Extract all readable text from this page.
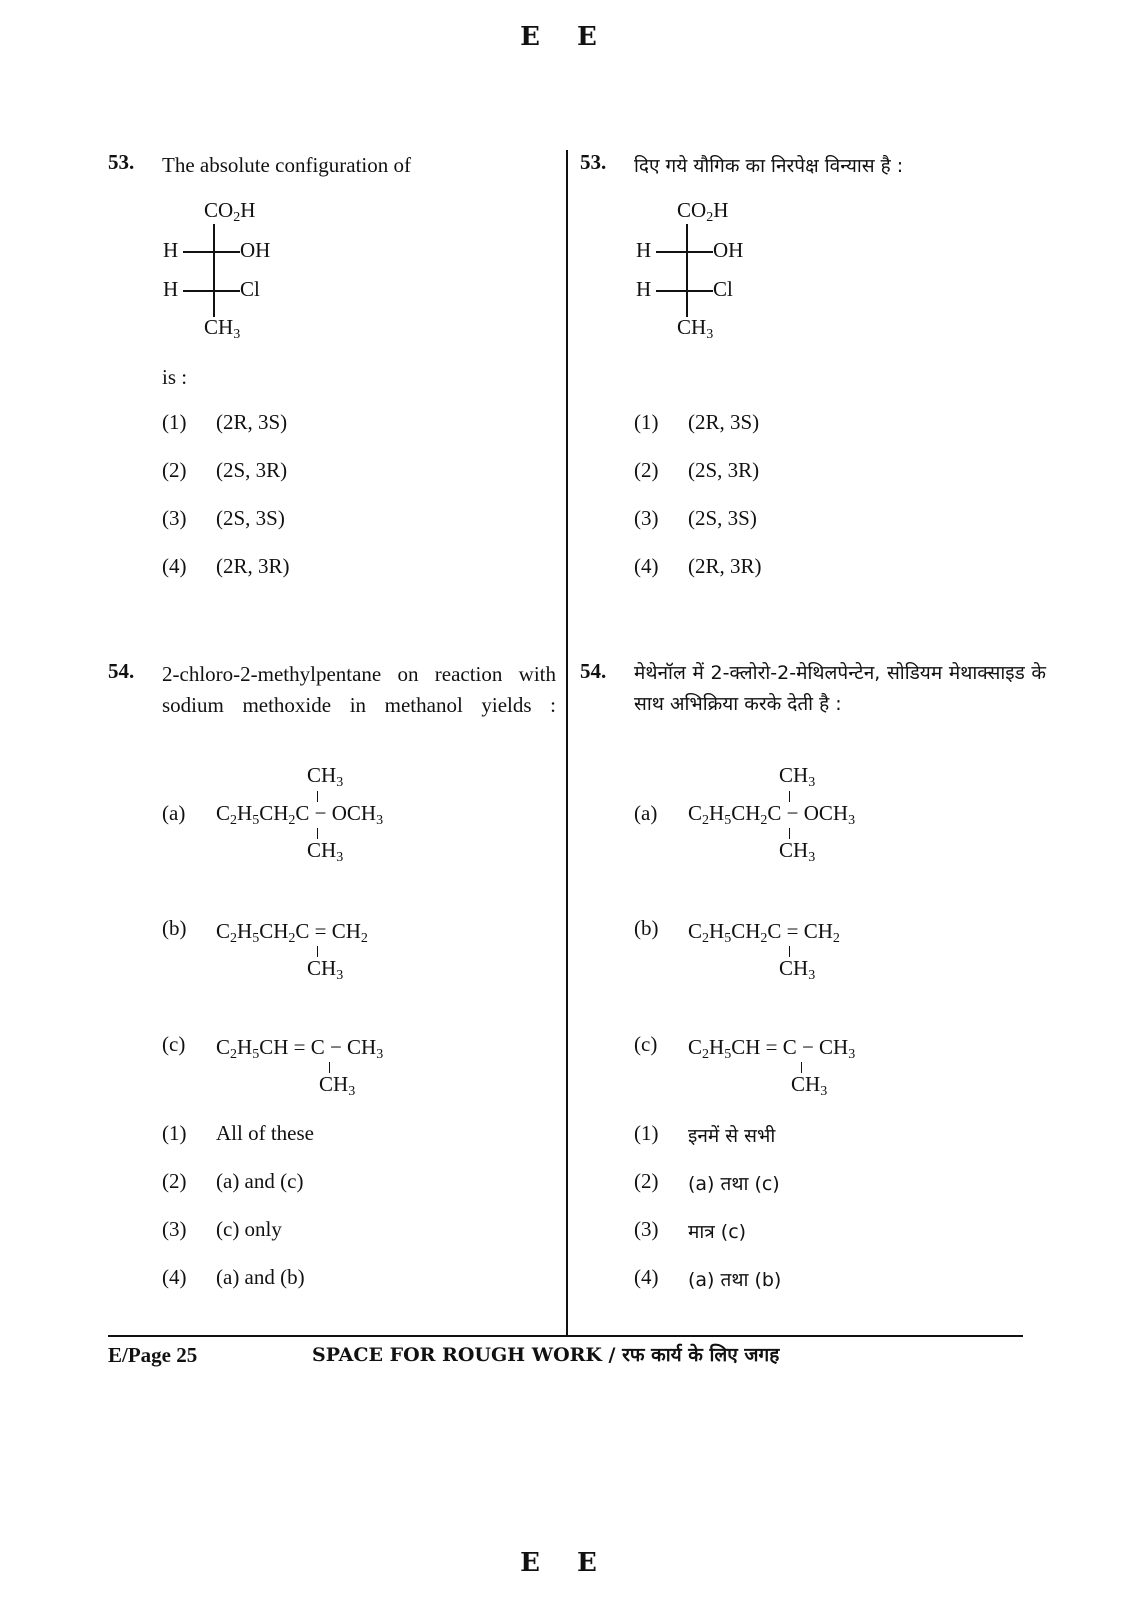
E E
53. The absolute configuration of
$CO_2H$
H	OH
H	Cl
$CH_3$
is :
(1) (2R, 3S)
(2) (2S, 3R)
(3) (2S, 3S)
(4) (2R, 3R)
54. 2-chloro-2-methylpentane on reaction with sodium methoxide in methanol yields :
(a)
$CH_3$
$C_2H_5CH_2C - OCH_3$
$CH_3$
(b) $C_2H_5CH_2C = CH_2$
$CH_3$
(c) $C_2H_5CH = C - CH_3$
$CH_3$
(1) All of these
(2) (a) and (c)
(3) (c) only
(4) (a) and (b)
53. दिए गये यौगिक का निरपेक्ष विन्यास है :
$CO_2H$
H	OH
H	Cl
$CH_3$
(1) (2R, 3S)
(2) (2S, 3R)
(3) (2S, 3S)
(4) (2R, 3R)
54. मेथेनॉल में 2-क्लोरो-2-मेथिलपेन्टेन, सोडियम मेथाक्साइड के साथ अभिक्रिया करके देती है :
(a)
$CH_3$
$C_2H_5CH_2C - OCH_3$
$CH_3$
(b) $C_2H_5CH_2C = CH_2$
$CH_3$
(c) $C_2H_5CH = C - CH_3$
$CH_3$
(1) इनमें से सभी
(2) (a) तथा (c)
(3) मात्र (c)
(4) (a) तथा (b)
E/Page 25	SPACE FOR ROUGH WORK / रफ कार्य के लिए जगह
E E
